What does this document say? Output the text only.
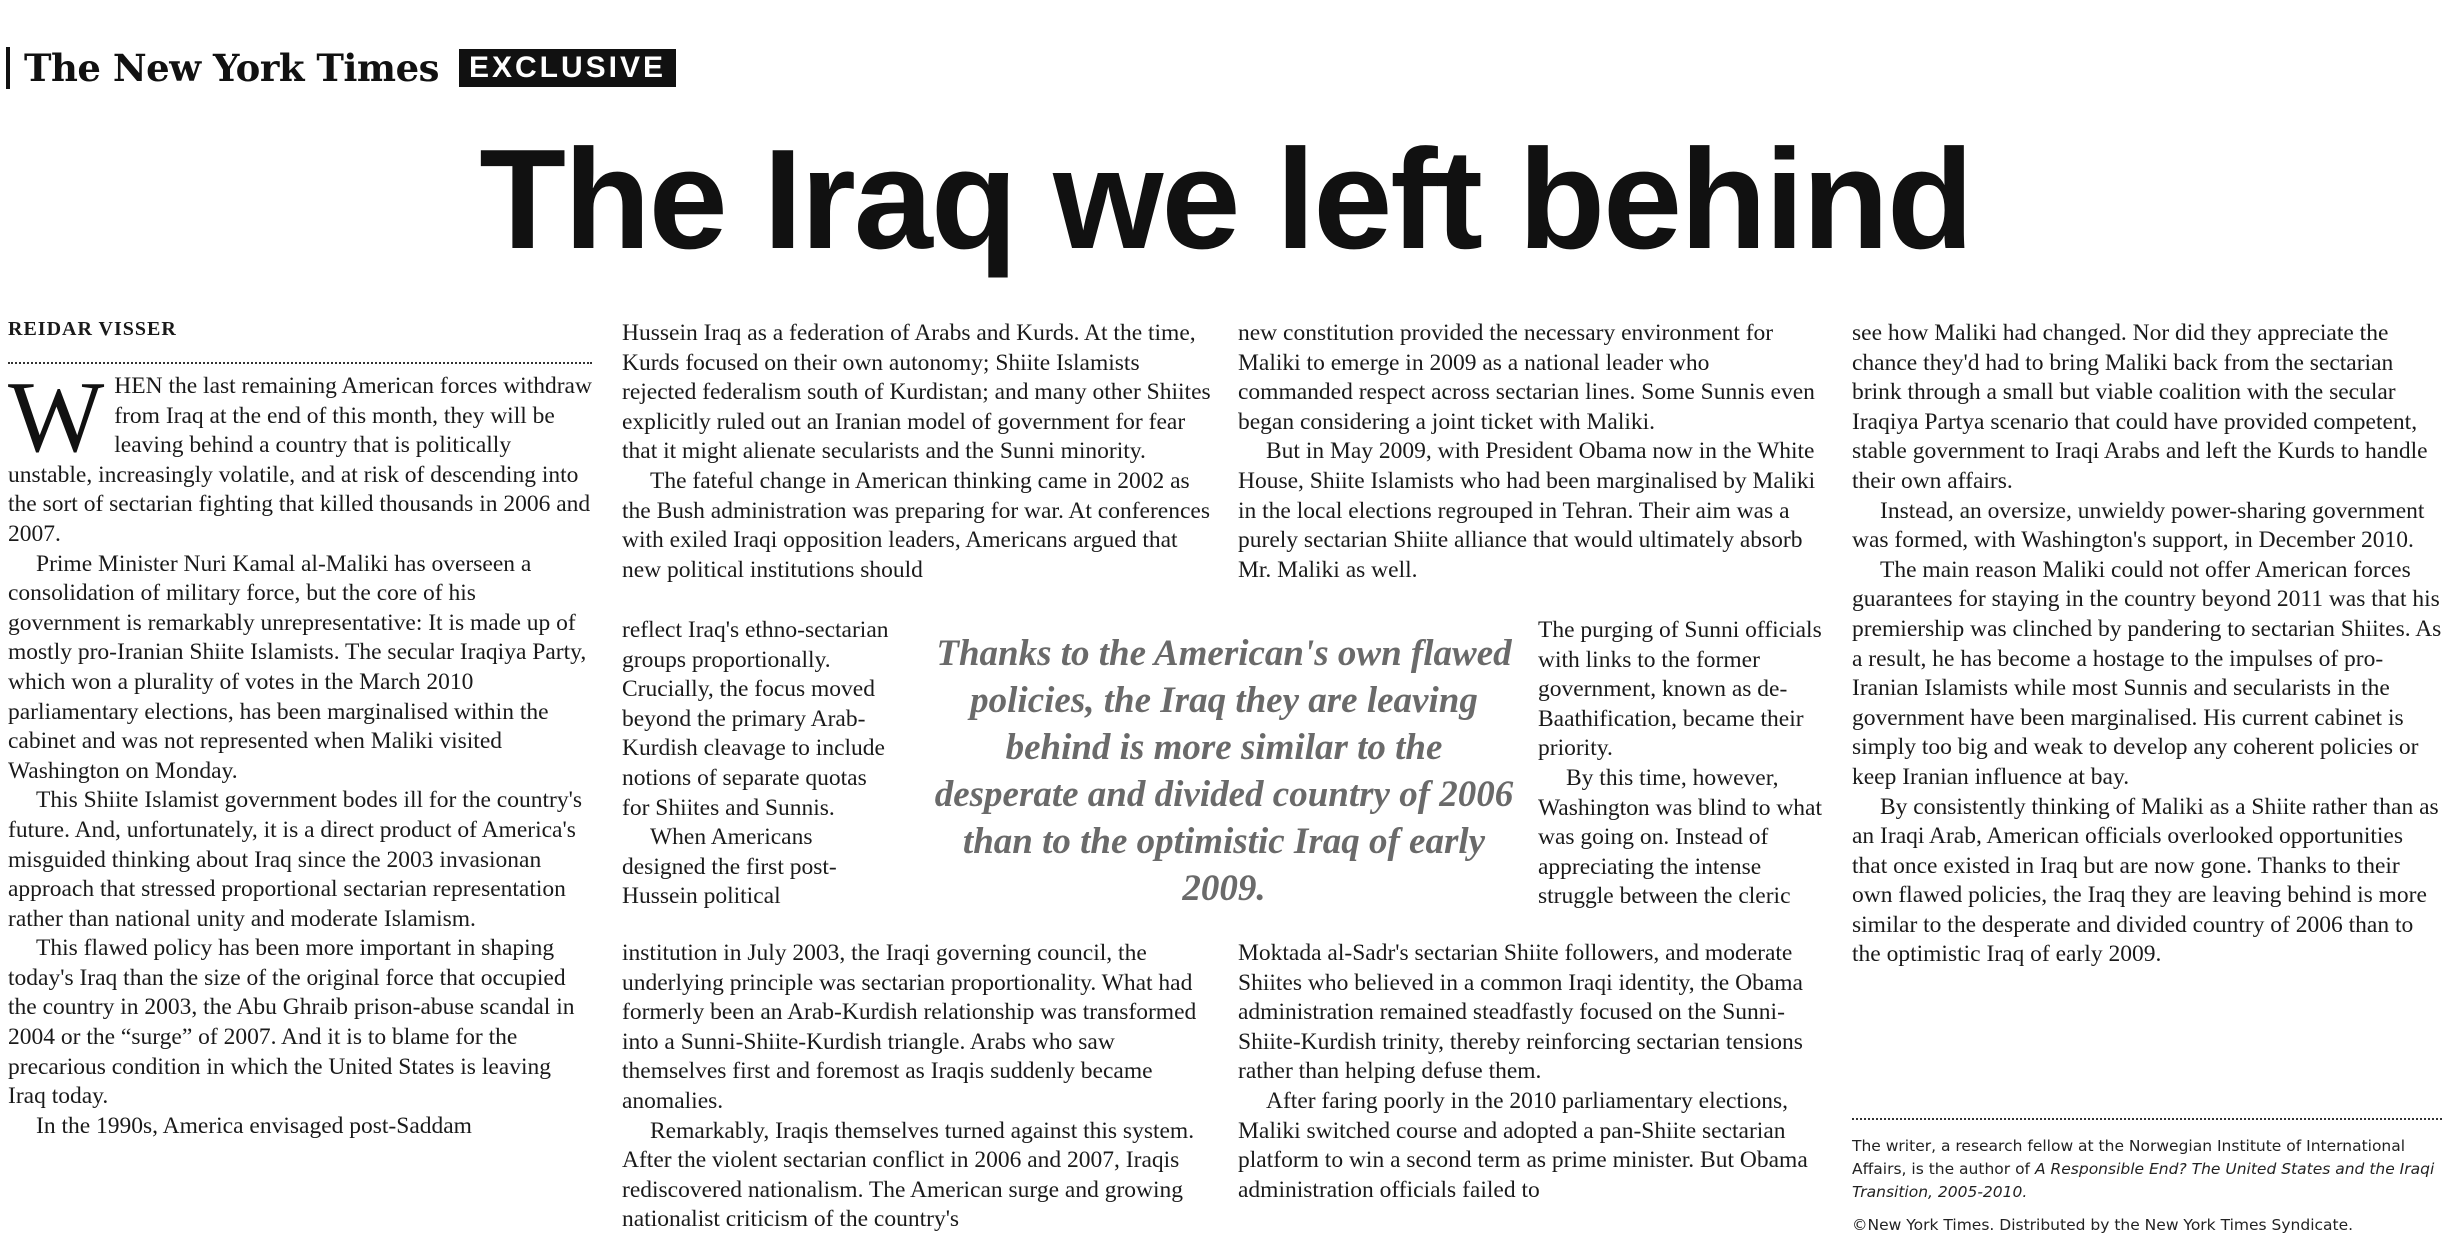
The New York Times	EXCLUSIVE
The Iraq we left behind
REIDAR VISSER

WHEN the last remaining American forces withdraw from Iraq at the end of this month, they will be leaving behind a country that is politically unstable, increasingly volatile, and at risk of descending into the sort of sectarian fighting that killed thousands in 2006 and 2007.

Prime Minister Nuri Kamal al-Maliki has overseen a consolidation of military force, but the core of his government is remarkably unrepresentative: It is made up of mostly pro-Iranian Shiite Islamists. The secular Iraqiya Party, which won a plurality of votes in the March 2010 parliamentary elections, has been marginalised within the cabinet and was not represented when Maliki visited Washington on Monday.

This Shiite Islamist government bodes ill for the country's future. And, unfortunately, it is a direct product of America's misguided thinking about Iraq since the 2003 invasionan approach that stressed proportional sectarian representation rather than national unity and moderate Islamism.

This flawed policy has been more important in shaping today's Iraq than the size of the original force that occupied the country in 2003, the Abu Ghraib prison-abuse scandal in 2004 or the “surge” of 2007. And it is to blame for the precarious condition in which the United States is leaving Iraq today.

In the 1990s, America envisaged post-Saddam

Hussein Iraq as a federation of Arabs and Kurds. At the time, Kurds focused on their own autonomy; Shiite Islamists rejected federalism south of Kurdistan; and many other Shiites explicitly ruled out an Iranian model of government for fear that it might alienate secularists and the Sunni minority.

The fateful change in American thinking came in 2002 as the Bush administration was preparing for war. At conferences with exiled Iraqi opposition leaders, Americans argued that new political institutions should

reflect Iraq's ethno-sectarian groups proportionally. Crucially, the focus moved beyond the primary Arab-Kurdish cleavage to include notions of separate quotas for Shiites and Sunnis.

When Americans designed the first post-Hussein political

institution in July 2003, the Iraqi governing council, the underlying principle was sectarian proportionality. What had formerly been an Arab-Kurdish relationship was transformed into a Sunni-Shiite-Kurdish triangle. Arabs who saw themselves first and foremost as Iraqis suddenly became anomalies.

Remarkably, Iraqis themselves turned against this system. After the violent sectarian conflict in 2006 and 2007, Iraqis rediscovered nationalism. The American surge and growing nationalist criticism of the country's

new constitution provided the necessary environment for Maliki to emerge in 2009 as a national leader who commanded respect across sectarian lines. Some Sunnis even began considering a joint ticket with Maliki.

But in May 2009, with President Obama now in the White House, Shiite Islamists who had been marginalised by Maliki in the local elections regrouped in Tehran. Their aim was a purely sectarian Shiite alliance that would ultimately absorb Mr. Maliki as well.

The purging of Sunni officials with links to the former government, known as de-Baathification, became their priority.

By this time, however, Washington was blind to what was going on. Instead of appreciating the intense struggle between the cleric

Moktada al-Sadr's sectarian Shiite followers, and moderate Shiites who believed in a common Iraqi identity, the Obama administration remained steadfastly focused on the Sunni-Shiite-Kurdish trinity, thereby reinforcing sectarian tensions rather than helping defuse them.

After faring poorly in the 2010 parliamentary elections, Maliki switched course and adopted a pan-Shiite sectarian platform to win a second term as prime minister. But Obama administration officials failed to

Thanks to the American's own flawed policies, the Iraq they are leaving behind is more similar to the desperate and divided country of 2006 than to the optimistic Iraq of early 2009.

see how Maliki had changed. Nor did they appreciate the chance they'd had to bring Maliki back from the sectarian brink through a small but viable coalition with the secular Iraqiya Partya scenario that could have provided competent, stable government to Iraqi Arabs and left the Kurds to handle their own affairs.

Instead, an oversize, unwieldy power-sharing government was formed, with Washington's support, in December 2010.

The main reason Maliki could not offer American forces guarantees for staying in the country beyond 2011 was that his premiership was clinched by pandering to sectarian Shiites. As a result, he has become a hostage to the impulses of pro-Iranian Islamists while most Sunnis and secularists in the government have been marginalised. His current cabinet is simply too big and weak to develop any coherent policies or keep Iranian influence at bay.

By consistently thinking of Maliki as a Shiite rather than as an Iraqi Arab, American officials overlooked opportunities that once existed in Iraq but are now gone. Thanks to their own flawed policies, the Iraq they are leaving behind is more similar to the desperate and divided country of 2006 than to the optimistic Iraq of early 2009.

The writer, a research fellow at the Norwegian Institute of International Affairs, is the author of A Responsible End? The United States and the Iraqi Transition, 2005-2010.

©New York Times. Distributed by the New York Times Syndicate.
